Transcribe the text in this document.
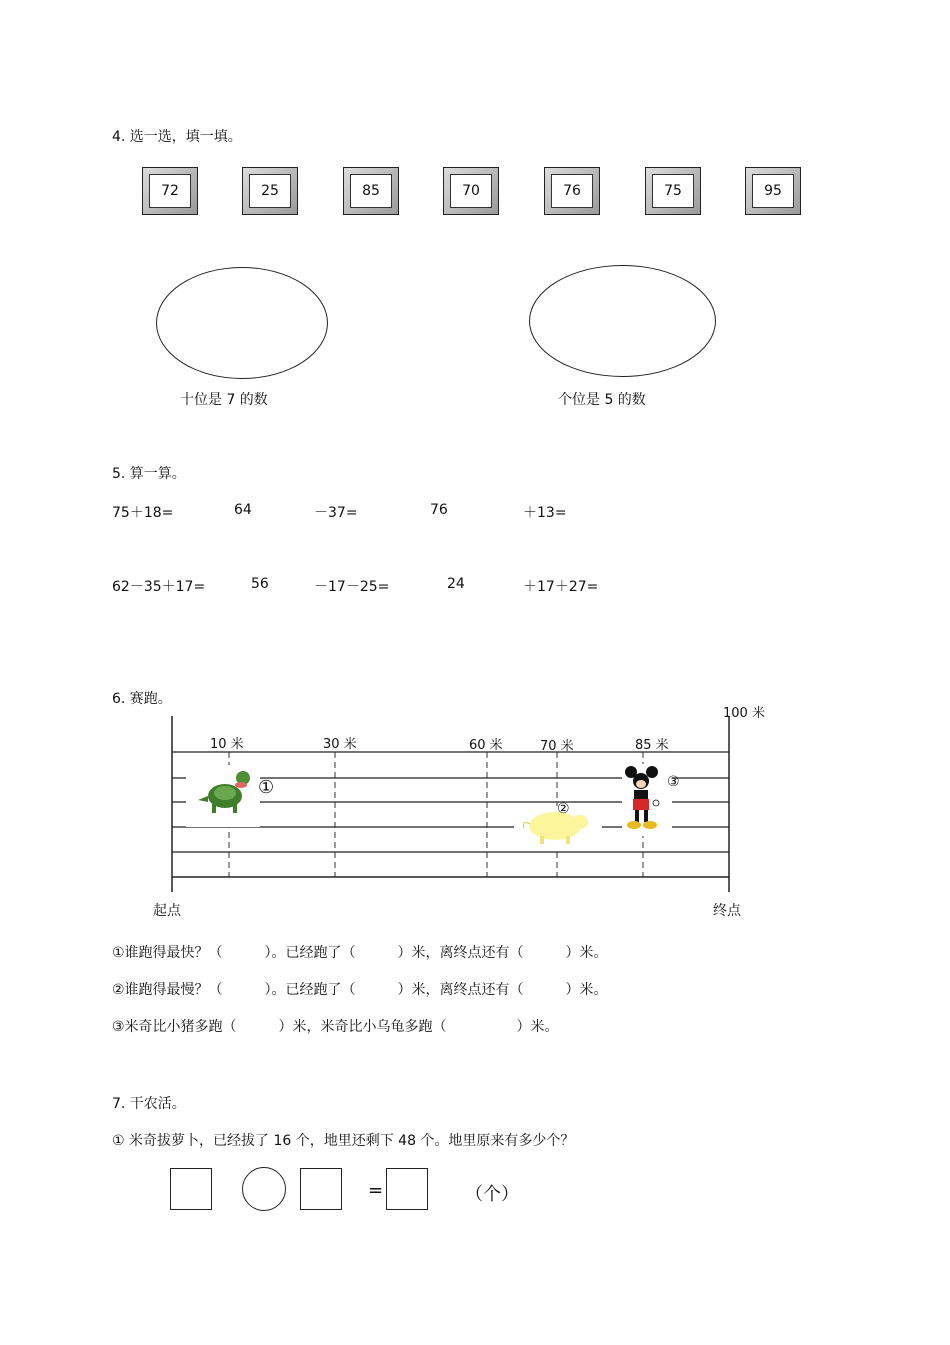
4. 选一选，填一填。
72	25	85	70	76	75	95
十位是 7 的数	个位是 5 的数
5. 算一算。
75＋18=	64	－37=	76	＋13=
62－35＋17=	56	－17－25=	24	＋17＋27=
6. 赛跑。
100 米
10 米	30 米	60 米	70 米	85 米
①
②
③
起点	终点
①谁跑得最快？（　　　）。已经跑了（　　　）米，离终点还有（　　　）米。
②谁跑得最慢？（　　　）。已经跑了（　　　）米，离终点还有（　　　）米。
③米奇比小猪多跑（　　　）米，米奇比小乌龟多跑（　　　　　）米。
7. 干农活。
① 米奇拔萝卜，已经拔了 16 个，地里还剩下 48 个。地里原来有多少个？
=	（个）
